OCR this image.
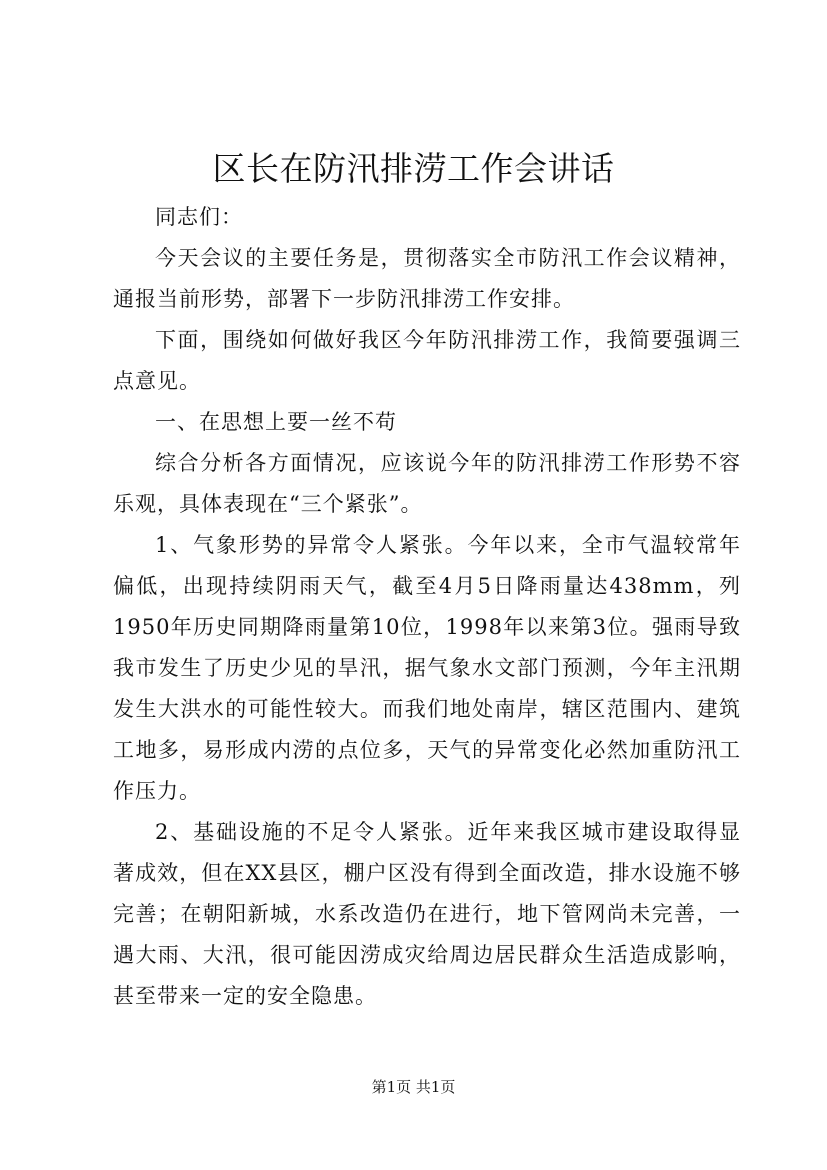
区长在防汛排涝工作会讲话

同志们：

今天会议的主要任务是，贯彻落实全市防汛工作会议精神，通报当前形势，部署下一步防汛排涝工作安排。

下面，围绕如何做好我区今年防汛排涝工作，我简要强调三点意见。

一、在思想上要一丝不苟

综合分析各方面情况，应该说今年的防汛排涝工作形势不容乐观，具体表现在“三个紧张”。

1、气象形势的异常令人紧张。今年以来，全市气温较常年偏低，出现持续阴雨天气，截至4月5日降雨量达438mm，列1950年历史同期降雨量第10位，1998年以来第3位。强雨导致我市发生了历史少见的旱汛，据气象水文部门预测，今年主汛期发生大洪水的可能性较大。而我们地处南岸，辖区范围内、建筑工地多，易形成内涝的点位多，天气的异常变化必然加重防汛工作压力。

2、基础设施的不足令人紧张。近年来我区城市建设取得显著成效，但在XX县区，棚户区没有得到全面改造，排水设施不够完善；在朝阳新城，水系改造仍在进行，地下管网尚未完善，一遇大雨、大汛，很可能因涝成灾给周边居民群众生活造成影响，甚至带来一定的安全隐患。

第1页 共1页
